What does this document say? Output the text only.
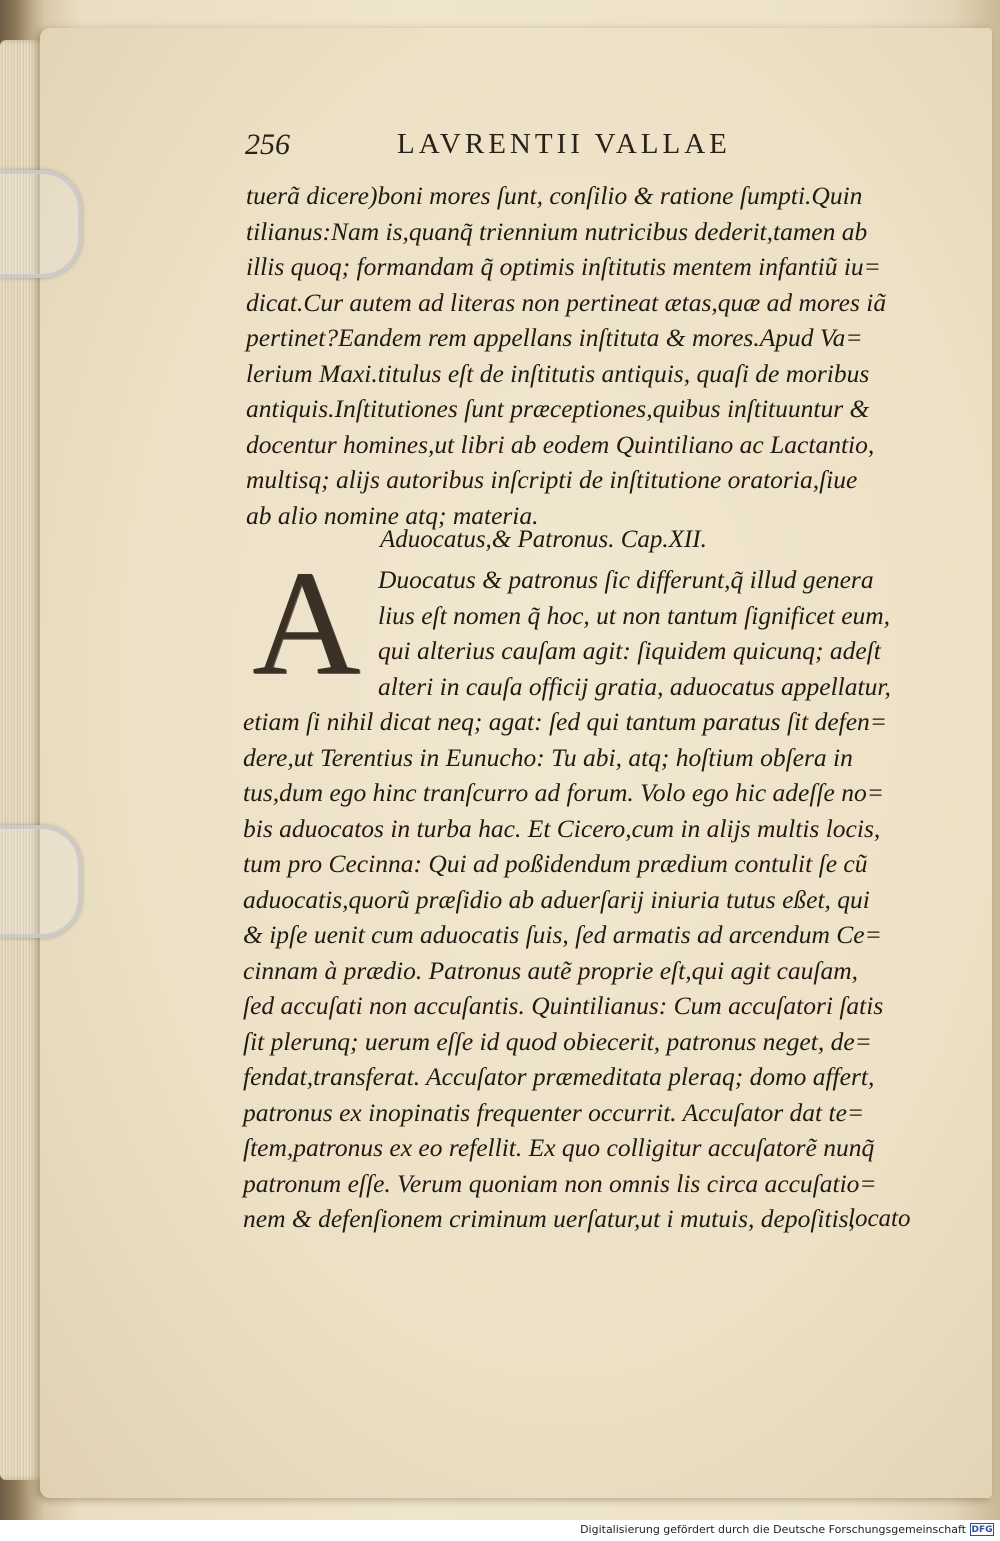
256	LAVRENTII VALLAE

tuerã dicere)boni mores ſunt, conſilio & ratione ſumpti.Quin
tilianus:Nam is,quanq̃ triennium nutricibus dederit,tamen ab
illis quoq; formandam q̃ optimis inſtitutis mentem infantiũ iu=
dicat.Cur autem ad literas non pertineat ætas,quæ ad mores iã
pertinet?Eandem rem appellans inſtituta & mores.Apud Va=
lerium Maxi.titulus eſt de inſtitutis antiquis, quaſi de moribus
antiquis.Inſtitutiones ſunt præceptiones,quibus inſtituuntur &
docentur homines,ut libri ab eodem Quintiliano ac Lactantio,
multisq; alijs autoribus inſcripti de inſtitutione oratoria,ſiue
ab alio nomine atq; materia.

Aduocatus,& Patronus. Cap.XII.
A Duocatus & patronus ſic differunt,q̃ illud genera
lius eſt nomen q̃ hoc, ut non tantum ſignificet eum,
qui alterius cauſam agit: ſiquidem quicunq; adeſt
alteri in cauſa officij gratia, aduocatus appellatur,

etiam ſi nihil dicat neq; agat: ſed qui tantum paratus ſit defen=
dere,ut Terentius in Eunucho: Tu abi, atq; hoſtium obſera in
tus,dum ego hinc tranſcurro ad forum. Volo ego hic adeſſe no=
bis aduocatos in turba hac. Et Cicero,cum in alijs multis locis,
tum pro Cecinna: Qui ad poßidendum prædium contulit ſe cũ
aduocatis,quorũ præſidio ab aduerſarij iniuria tutus eßet, qui
& ipſe uenit cum aduocatis ſuis, ſed armatis ad arcendum Ce=
cinnam à prædio. Patronus autẽ proprie eſt,qui agit cauſam,
ſed accuſati non accuſantis. Quintilianus: Cum accuſatori ſatis
ſit plerunq; uerum eſſe id quod obiecerit, patronus neget, de=
fendat,transferat. Accuſator præmeditata pleraq; domo affert,
patronus ex inopinatis frequenter occurrit. Accuſator dat te=
ſtem,patronus ex eo refellit. Ex quo colligitur accuſatorẽ nunq̃
patronum eſſe. Verum quoniam non omnis lis circa accuſatio=
nem & defenſionem criminum uerſatur,ut i mutuis, depoſitis,

locato
Digitalisierung gefördert durch die Deutsche Forschungsgemeinschaft DFG
